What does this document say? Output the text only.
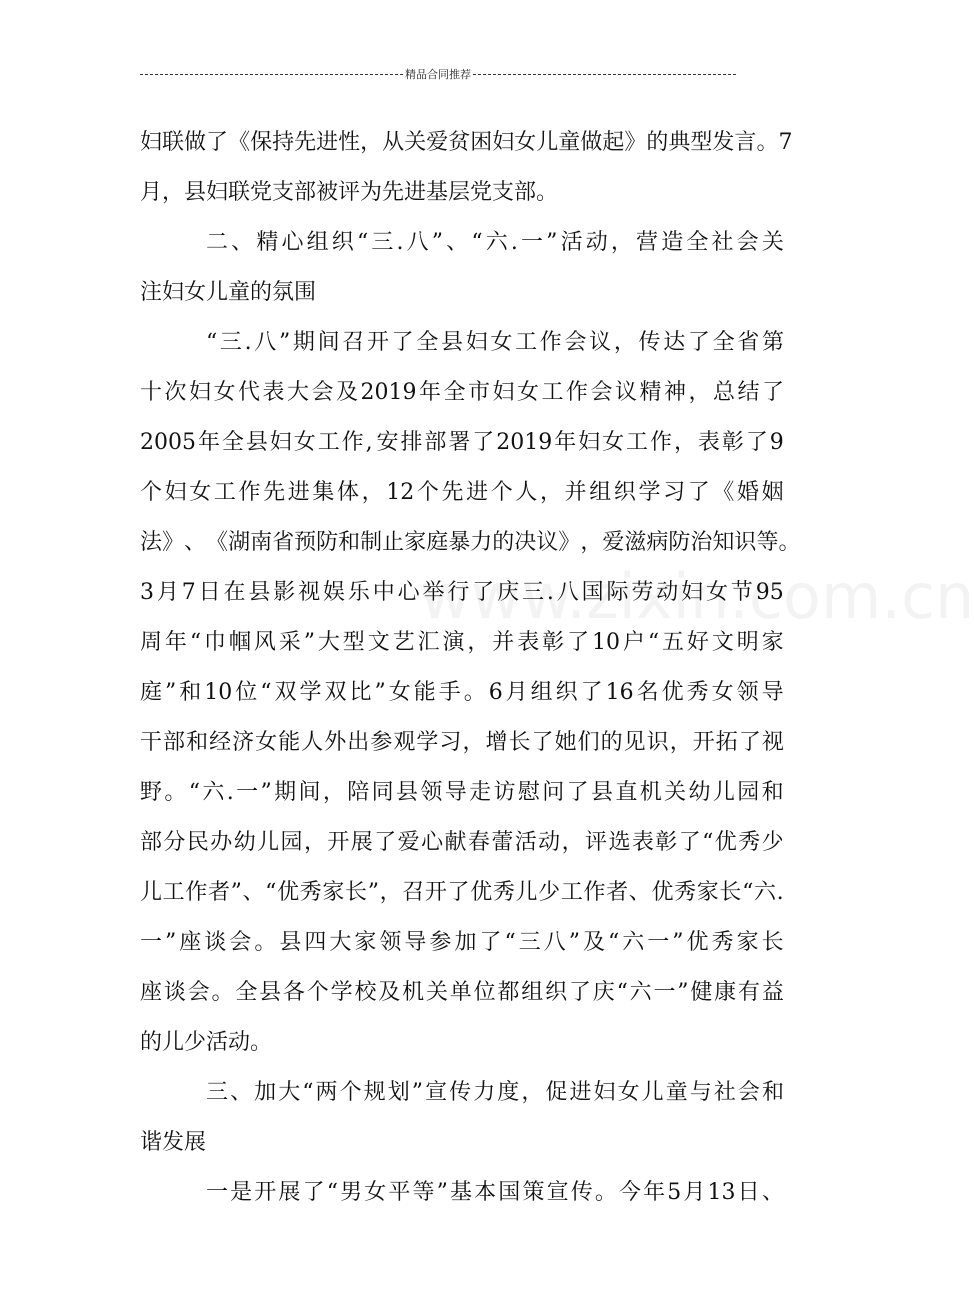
精品合同推荐
妇 联 做 了 《 保 持 先 进 性 ， 从 关 爱 贫 困 妇 女 儿 童 做 起 》 的 典 型 发 言 。 7
月，县妇联党支部被评为先进基层党支部。
二 、 精 心 组 织 “ 三 . 八 ” 、 “ 六 . 一 ” 活 动 ， 营 造 全 社 会 关
注妇女儿童的氛围
“ 三 . 八 ” 期 间 召 开 了 全 县 妇 女 工 作 会 议 ， 传 达 了 全 省 第
十 次 妇 女 代 表 大 会 及 2019 年 全 市 妇 女 工 作 会 议 精 神 ， 总 结 了
2005 年 全 县 妇 女 工 作 , 安 排 部 署 了 2019 年 妇 女 工 作 ， 表 彰 了 9
个 妇 女 工 作 先 进 集 体 ， 12 个 先 进 个 人 ， 并 组 织 学 习 了 《 婚 姻
法 》 、 《 湖 南 省 预 防 和 制 止 家 庭 暴 力 的 决 议 》 ， 爱 滋 病 防 治 知 识 等 。
3 月 7 日 在 县 影 视 娱 乐 中 心 举 行 了 庆 三 . 八 国 际 劳 动 妇 女 节 95
周 年 “ 巾 帼 风 采 ” 大 型 文 艺 汇 演 ， 并 表 彰 了 10 户 “ 五 好 文 明 家
庭 ” 和 10 位 “ 双 学 双 比 ” 女 能 手 。 6 月 组 织 了 16 名 优 秀 女 领 导
干 部 和 经 济 女 能 人 外 出 参 观 学 习 ， 增 长 了 她 们 的 见 识 ， 开 拓 了 视
野 。 “ 六 . 一 ” 期 间 ， 陪 同 县 领 导 走 访 慰 问 了 县 直 机 关 幼 儿 园 和
部 分 民 办 幼 儿 园 ， 开 展 了 爱 心 献 春 蕾 活 动 ， 评 选 表 彰 了 “ 优 秀 少
儿 工 作 者 ” 、 “ 优 秀 家 长 ” ， 召 开 了 优 秀 儿 少 工 作 者 、 优 秀 家 长 “ 六 .
一 ” 座 谈 会 。 县 四 大 家 领 导 参 加 了 “ 三 八 ” 及 “ 六 一 ” 优 秀 家 长
座 谈 会 。 全 县 各 个 学 校 及 机 关 单 位 都 组 织 了 庆 “ 六 一 ” 健 康 有 益
的儿少活动。
三 、 加 大 “ 两 个 规 划 ” 宣 传 力 度 ， 促 进 妇 女 儿 童 与 社 会 和
谐发展
一 是 开 展 了 “ 男 女 平 等 ” 基 本 国 策 宣 传 。 今 年 5 月 13 日 、
